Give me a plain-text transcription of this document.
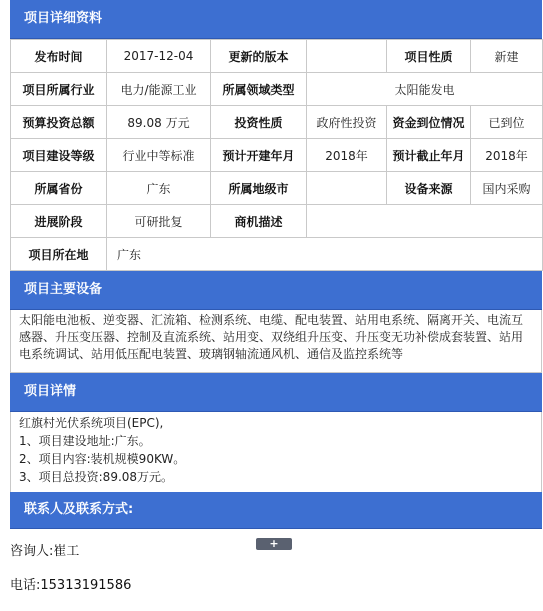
项目详细资料
发布时间	2017-12-04	更新的版本		项目性质	新建
项目所属行业	电力/能源工业	所属领域类型	太阳能发电		
预算投资总额	89.08 万元	投资性质	政府性投资	资金到位情况	已到位
项目建设等级	行业中等标准	预计开建年月	2018年	预计截止年月	2018年
所属省份	广东	所属地级市		设备来源	国内采购
进展阶段	可研批复	商机描述			
项目所在地	广东				
项目主要设备
太阳能电池板、逆变器、汇流箱、检测系统、电缆、配电装置、站用电系统、隔离开关、电流互感器、升压变压器、控制及直流系统、站用变、双绕组升压变、升压变无功补偿成套装置、站用电系统调试、站用低压配电装置、玻璃钢轴流通风机、通信及监控系统等
项目详情
红旗村光伏系统项目(EPC),
1、项目建设地址:广东。
2、项目内容:装机规模90KW。
3、项目总投资:89.08万元。
联系人及联系方式:
咨询人:崔工
+
电话:15313191586
